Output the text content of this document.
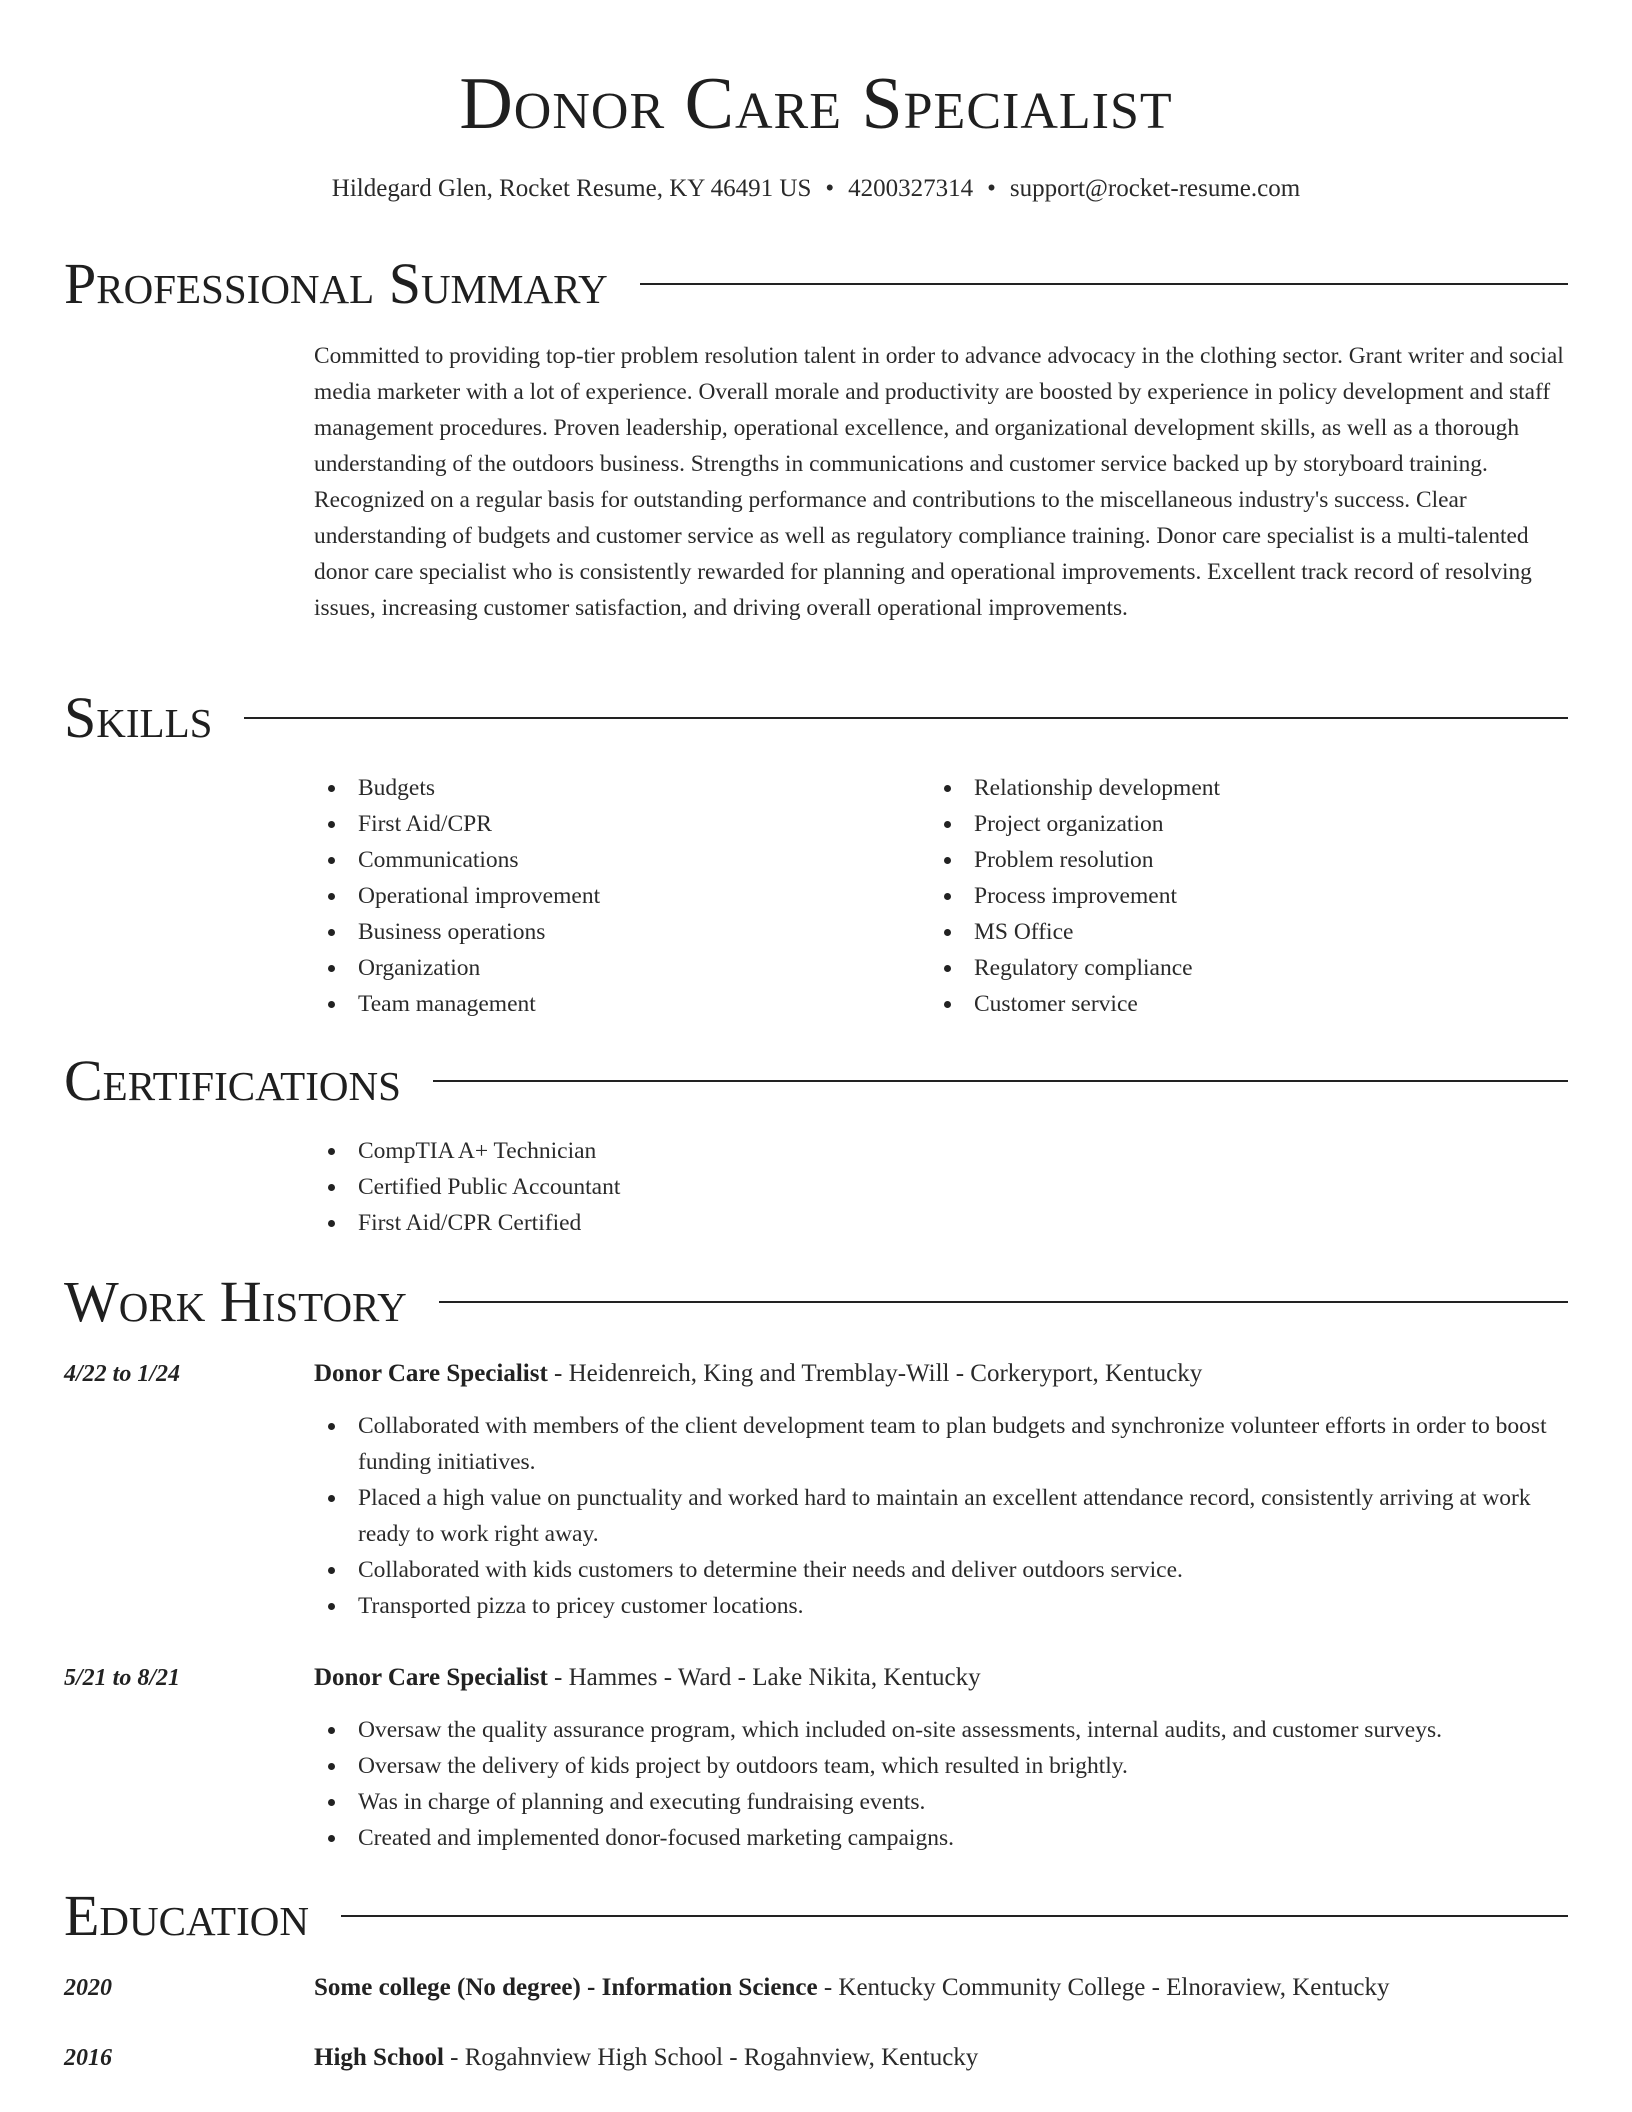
Donor Care Specialist
Hildegard Glen, Rocket Resume, KY 46491 US • 4200327314 • support@rocket-resume.com
Professional Summary

Committed to providing top-tier problem resolution talent in order to advance advocacy in the clothing sector. Grant writer and social media marketer with a lot of experience. Overall morale and productivity are boosted by experience in policy development and staff management procedures. Proven leadership, operational excellence, and organizational development skills, as well as a thorough understanding of the outdoors business. Strengths in communications and customer service backed up by storyboard training. Recognized on a regular basis for outstanding performance and contributions to the miscellaneous industry's success. Clear understanding of budgets and customer service as well as regulatory compliance training. Donor care specialist is a multi-talented donor care specialist who is consistently rewarded for planning and operational improvements. Excellent track record of resolving issues, increasing customer satisfaction, and driving overall operational improvements.

Skills
Budgets
First Aid/CPR
Communications
Operational improvement
Business operations
Organization
Team management
Relationship development
Project organization
Problem resolution
Process improvement
MS Office
Regulatory compliance
Customer service
Certifications
CompTIA A+ Technician
Certified Public Accountant
First Aid/CPR Certified
Work History
4/22 to 1/24	Donor Care Specialist - Heidenreich, King and Tremblay-Will - Corkeryport, Kentucky
Collaborated with members of the client development team to plan budgets and synchronize volunteer efforts in order to boost funding initiatives.
Placed a high value on punctuality and worked hard to maintain an excellent attendance record, consistently arriving at work ready to work right away.
Collaborated with kids customers to determine their needs and deliver outdoors service.
Transported pizza to pricey customer locations.
5/21 to 8/21	Donor Care Specialist - Hammes - Ward - Lake Nikita, Kentucky
Oversaw the quality assurance program, which included on-site assessments, internal audits, and customer surveys.
Oversaw the delivery of kids project by outdoors team, which resulted in brightly.
Was in charge of planning and executing fundraising events.
Created and implemented donor-focused marketing campaigns.
Education
2020	Some college (No degree) - Information Science - Kentucky Community College - Elnoraview, Kentucky
2016	High School - Rogahnview High School - Rogahnview, Kentucky
